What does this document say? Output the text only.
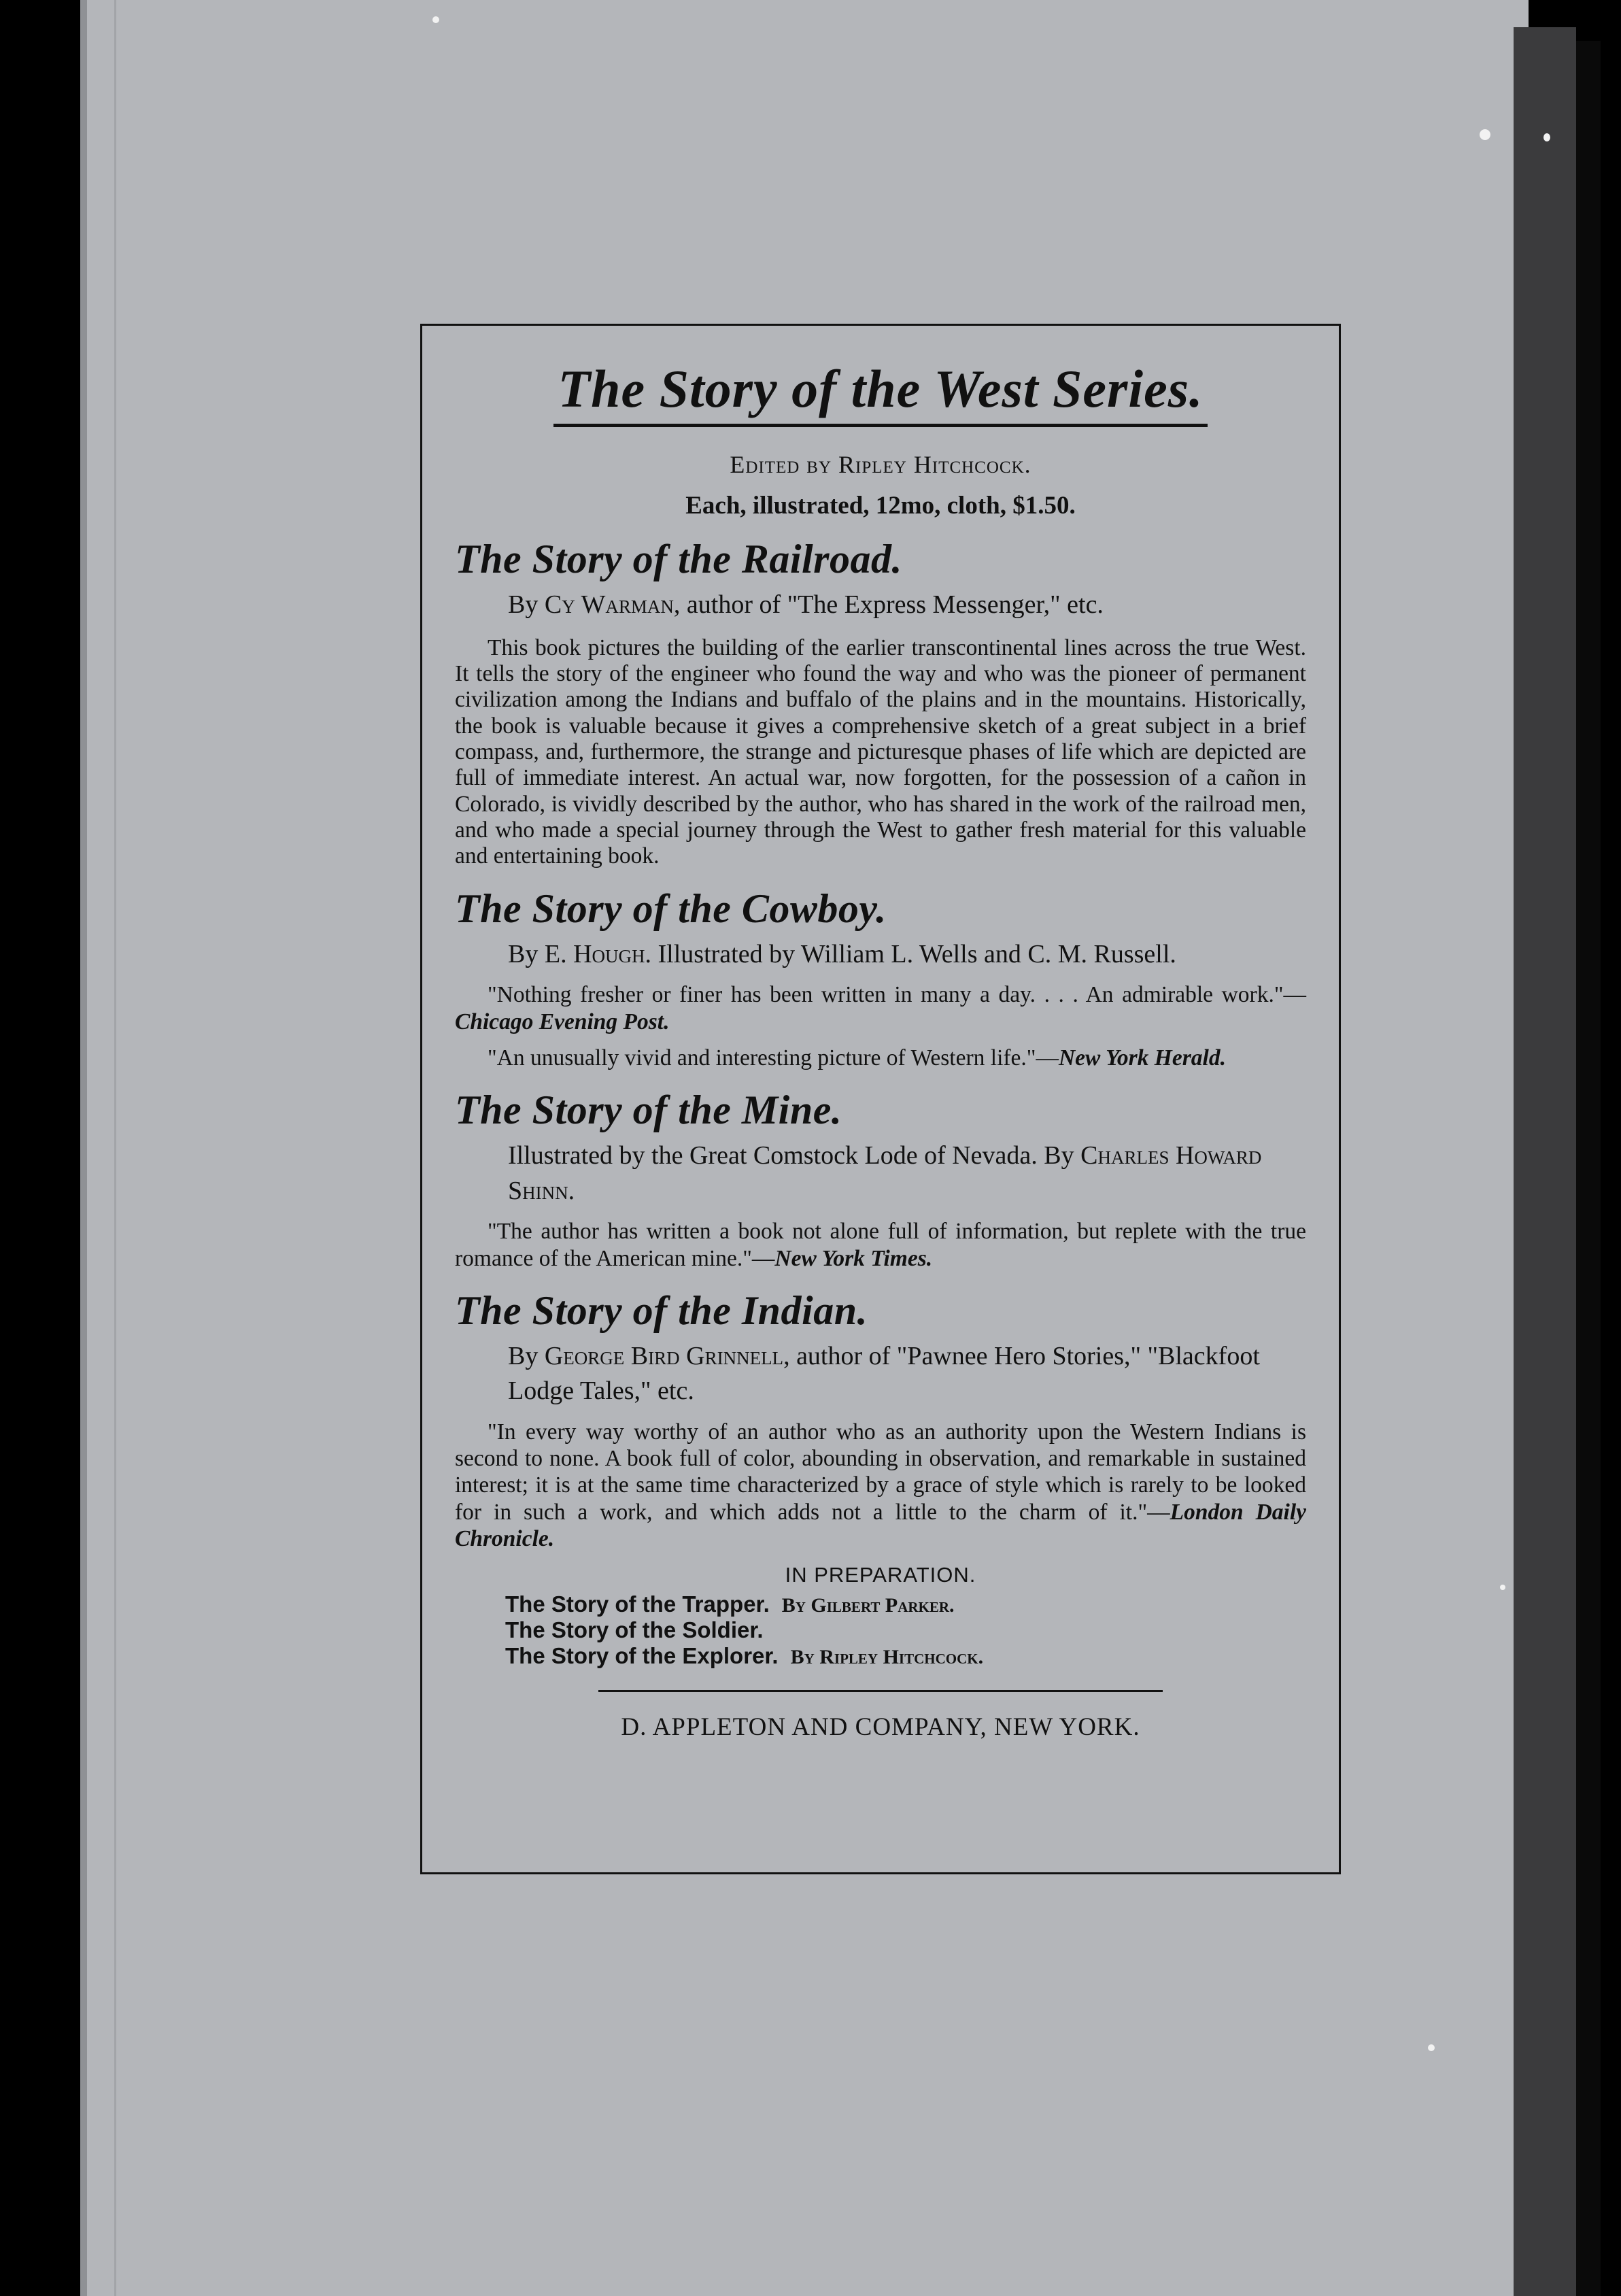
The Story of the West Series.
Edited by Ripley Hitchcock.
Each, illustrated, 12mo, cloth, $1.50.
The Story of the Railroad.
By Cy Warman, author of "The Express Messenger," etc.
This book pictures the building of the earlier transcontinental lines across the true West. It tells the story of the engineer who found the way and who was the pioneer of permanent civilization among the Indians and buffalo of the plains and in the mountains. Historically, the book is valuable because it gives a comprehensive sketch of a great subject in a brief compass, and, furthermore, the strange and picturesque phases of life which are depicted are full of immediate interest. An actual war, now forgotten, for the possession of a cañon in Colorado, is vividly described by the author, who has shared in the work of the railroad men, and who made a special journey through the West to gather fresh material for this valuable and entertaining book.
The Story of the Cowboy.
By E. Hough. Illustrated by William L. Wells and C. M. Russell.
"Nothing fresher or finer has been written in many a day. . . . An admirable work."—Chicago Evening Post.
"An unusually vivid and interesting picture of Western life."—New York Herald.
The Story of the Mine.
Illustrated by the Great Comstock Lode of Nevada. By Charles Howard Shinn.
"The author has written a book not alone full of information, but replete with the true romance of the American mine."—New York Times.
The Story of the Indian.
By George Bird Grinnell, author of "Pawnee Hero Stories," "Blackfoot Lodge Tales," etc.
"In every way worthy of an author who as an authority upon the Western Indians is second to none. A book full of color, abounding in observation, and remarkable in sustained interest; it is at the same time characterized by a grace of style which is rarely to be looked for in such a work, and which adds not a little to the charm of it."—London Daily Chronicle.
IN PREPARATION.
The Story of the Trapper. By Gilbert Parker.
The Story of the Soldier.
The Story of the Explorer. By Ripley Hitchcock.
D. APPLETON AND COMPANY, NEW YORK.
